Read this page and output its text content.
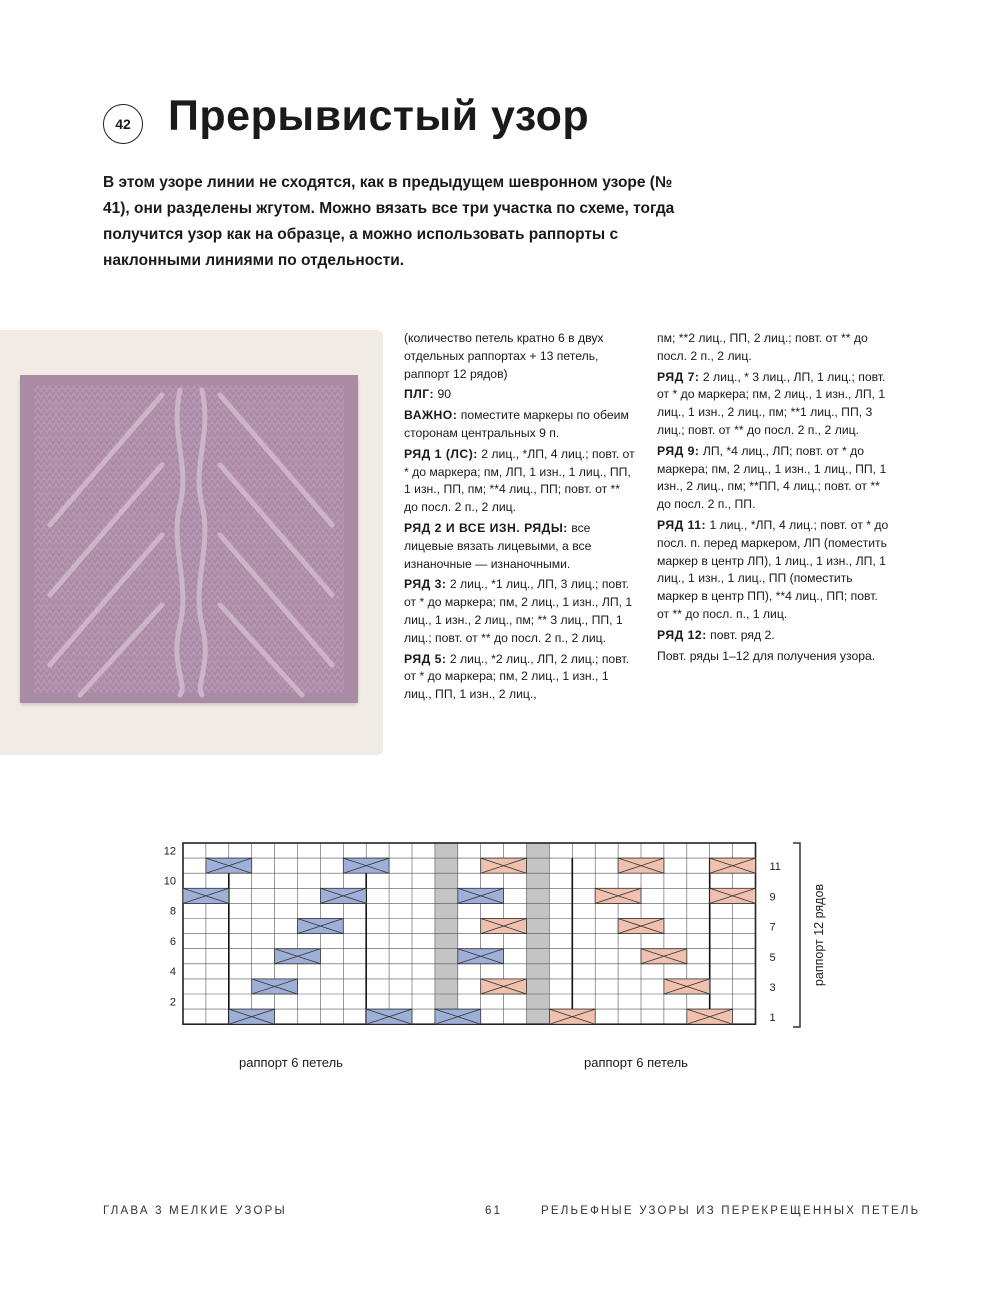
42 Прерывистый узор
В этом узоре линии не сходятся, как в предыдущем шевронном узоре (№ 41), они разделены жгутом. Можно вязать все три участка по схеме, тогда получится узор как на образце, а можно использовать раппорты с наклонными линиями по отдельности.

(количество петель кратно 6 в двух отдельных раппортах + 13 петель, раппорт 12 рядов)

ПЛГ: 90

ВАЖНО: поместите маркеры по обеим сторонам центральных 9 п.

РЯД 1 (ЛС): 2 лиц., *ЛП, 4 лиц.; повт. от * до маркера; пм, ЛП, 1 изн., 1 лиц., ПП, 1 изн., ПП, пм; **4 лиц., ПП; повт. от ** до посл. 2 п., 2 лиц.

РЯД 2 И ВСЕ ИЗН. РЯДЫ: все лицевые вязать лицевыми, а все изнаночные — изнаночными.

РЯД 3: 2 лиц., *1 лиц., ЛП, 3 лиц.; повт. от * до маркера; пм, 2 лиц., 1 изн., ЛП, 1 лиц., 1 изн., 2 лиц., пм; ** 3 лиц., ПП, 1 лиц.; повт. от ** до посл. 2 п., 2 лиц.

РЯД 5: 2 лиц., *2 лиц., ЛП, 2 лиц.; повт. от * до маркера; пм, 2 лиц., 1 изн., 1 лиц., ПП, 1 изн., 2 лиц.,

пм; **2 лиц., ПП, 2 лиц.; повт. от ** до посл. 2 п., 2 лиц.

РЯД 7: 2 лиц., * 3 лиц., ЛП, 1 лиц.; повт. от * до маркера; пм, 2 лиц., 1 изн., ЛП, 1 лиц., 1 изн., 2 лиц., пм; **1 лиц., ПП, 3 лиц.; повт. от ** до посл. 2 п., 2 лиц.

РЯД 9: ЛП, *4 лиц., ЛП; повт. от * до маркера; пм, 2 лиц., 1 изн., 1 лиц., ПП, 1 изн., 2 лиц., пм; **ПП, 4 лиц.; повт. от ** до посл. 2 п., ПП.

РЯД 11: 1 лиц., *ЛП, 4 лиц.; повт. от * до посл. п. перед маркером, ЛП (поместить маркер в центр ЛП), 1 лиц., 1 изн., ЛП, 1 лиц., 1 изн., 1 лиц., ПП (поместить маркер в центр ПП), **4 лиц., ПП; повт. от ** до посл. п., 1 лиц.

РЯД 12: повт. ряд 2.

Повт. ряды 1–12 для получения узора.

12
10
8
6
4
2
11
9
7
5
3
1
раппорт 12 рядов
раппорт 6 петель	раппорт 6 петель
ГЛАВА 3 МЕЛКИЕ УЗОРЫ	61	РЕЛЬЕФНЫЕ УЗОРЫ ИЗ ПЕРЕКРЕЩЕННЫХ ПЕТЕЛЬ
